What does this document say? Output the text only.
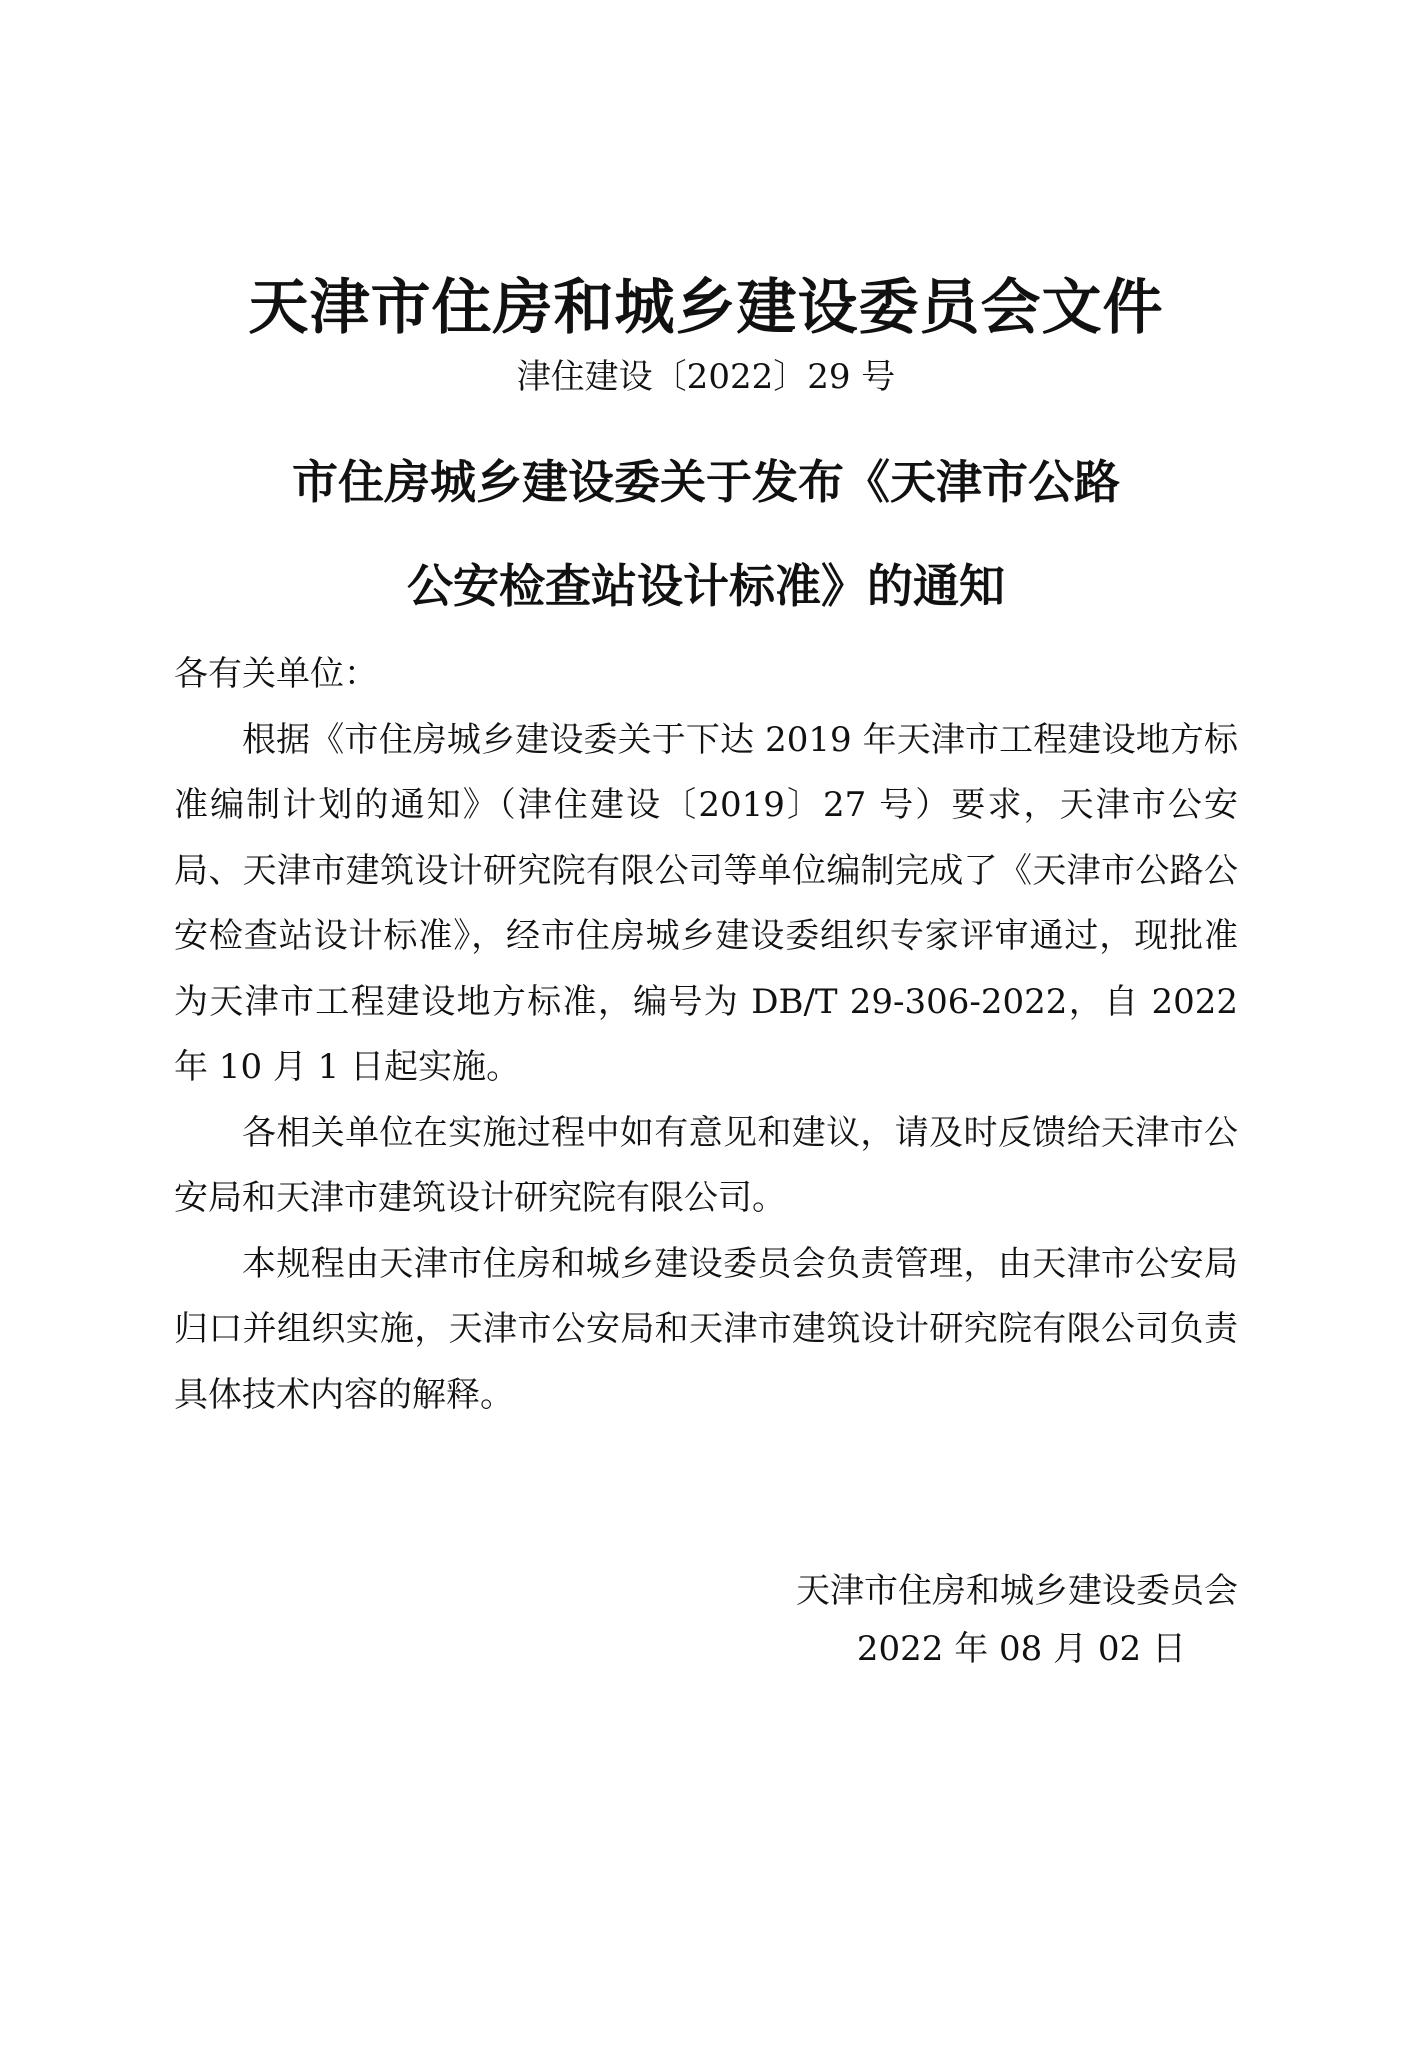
天津市住房和城乡建设委员会文件
津住建设〔2022〕29 号
市住房城乡建设委关于发布《天津市公路
公安检查站设计标准》的通知

各有关单位：

根据《市住房城乡建设委关于下达 2019 年天津市工程建设地方标准编制计划的通知》（津住建设〔2019〕27 号）要求，天津市公安局、天津市建筑设计研究院有限公司等单位编制完成了《天津市公路公安检查站设计标准》，经市住房城乡建设委组织专家评审通过，现批准为天津市工程建设地方标准，编号为 DB/T 29-306-2022，自 2022 年 10 月 1 日起实施。

各相关单位在实施过程中如有意见和建议，请及时反馈给天津市公安局和天津市建筑设计研究院有限公司。

本规程由天津市住房和城乡建设委员会负责管理，由天津市公安局归口并组织实施，天津市公安局和天津市建筑设计研究院有限公司负责具体技术内容的解释。

天津市住房和城乡建设委员会
2022 年 08 月 02 日
